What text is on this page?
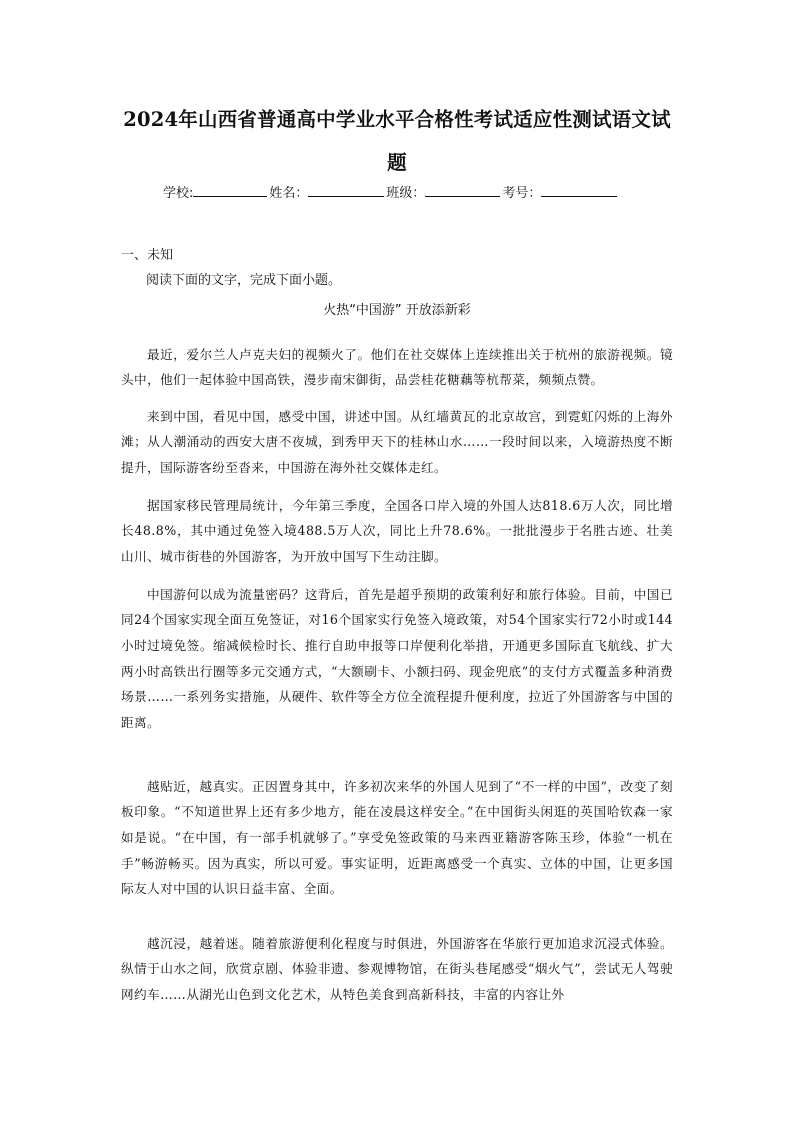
2024年山西省普通高中学业水平合格性考试适应性测试语文试
题
学校:	姓名：	班级：	考号：
一、未知
阅读下面的文字，完成下面小题。
火热“中国游” 开放添新彩

最近，爱尔兰人卢克夫妇的视频火了。他们在社交媒体上连续推出关于杭州的旅游视频。镜头中，他们一起体验中国高铁，漫步南宋御街，品尝桂花糖藕等杭帮菜，频频点赞。

来到中国，看见中国，感受中国，讲述中国。从红墙黄瓦的北京故宫，到霓虹闪烁的上海外滩；从人潮涌动的西安大唐不夜城，到秀甲天下的桂林山水……一段时间以来，入境游热度不断提升，国际游客纷至沓来，中国游在海外社交媒体走红。

据国家移民管理局统计，今年第三季度，全国各口岸入境的外国人达818.6万人次，同比增长48.8%，其中通过免签入境488.5万人次，同比上升78.6%。一批批漫步于名胜古迹、壮美山川、城市街巷的外国游客，为开放中国写下生动注脚。

中国游何以成为流量密码？这背后，首先是超乎预期的政策利好和旅行体验。目前，中国已同24个国家实现全面互免签证，对16个国家实行免签入境政策，对54个国家实行72小时或144小时过境免签。缩减候检时长、推行自助申报等口岸便利化举措，开通更多国际直飞航线、扩大两小时高铁出行圈等多元交通方式，“大额刷卡、小额扫码、现金兜底”的支付方式覆盖多种消费场景……一系列务实措施，从硬件、软件等全方位全流程提升便利度，拉近了外国游客与中国的距离。

越贴近，越真实。正因置身其中，许多初次来华的外国人见到了“不一样的中国”，改变了刻板印象。“不知道世界上还有多少地方，能在凌晨这样安全。”在中国街头闲逛的英国哈钦森一家如是说。“在中国，有一部手机就够了。”享受免签政策的马来西亚籍游客陈玉珍，体验“一机在手”畅游畅买。因为真实，所以可爱。事实证明，近距离感受一个真实、立体的中国，让更多国际友人对中国的认识日益丰富、全面。

越沉浸，越着迷。随着旅游便利化程度与时俱进，外国游客在华旅行更加追求沉浸式体验。纵情于山水之间，欣赏京剧、体验非遗、参观博物馆，在街头巷尾感受“烟火气”，尝试无人驾驶网约车……从湖光山色到文化艺术，从特色美食到高新科技，丰富的内容让外
